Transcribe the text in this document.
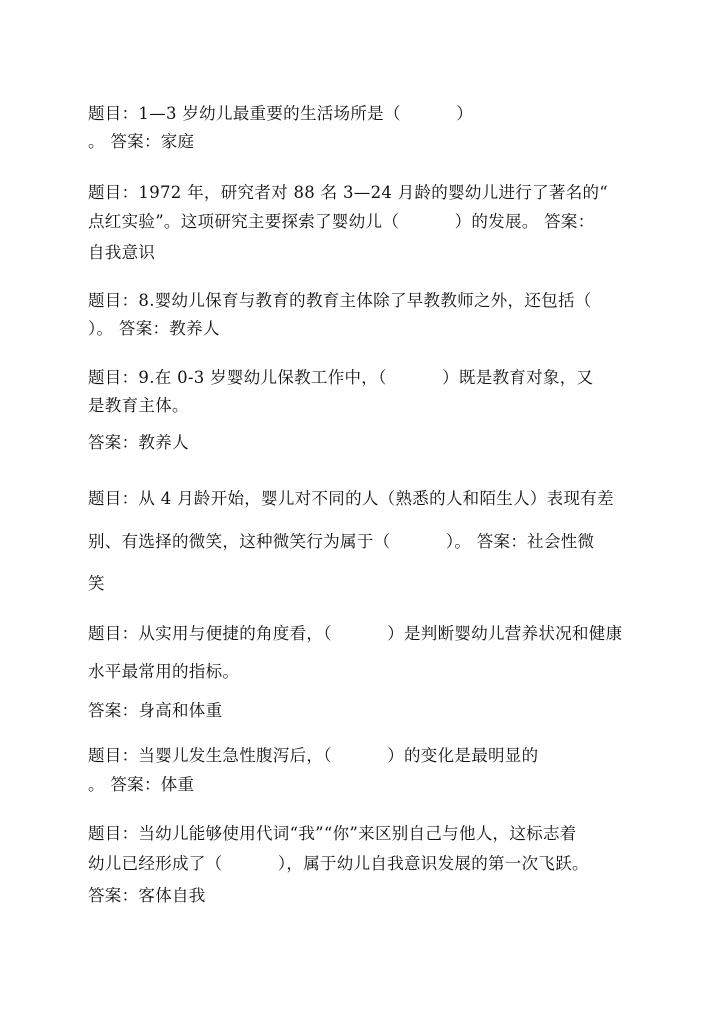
题目：1—3 岁幼儿最重要的生活场所是（          ）
。 答案：家庭
题目：1972 年，研究者对 88 名 3—24 月龄的婴幼儿进行了著名的“
点红实验”。这项研究主要探索了婴幼儿（          ）的发展。 答案：
自我意识
题目：8.婴幼儿保育与教育的教育主体除了早教教师之外，还包括（
）。 答案：教养人
题目：9.在 0-3 岁婴幼儿保教工作中，（          ）既是教育对象，又
是教育主体。
答案：教养人
题目：从 4 月龄开始，婴儿对不同的人（熟悉的人和陌生人）表现有差
别、有选择的微笑，这种微笑行为属于（          ）。 答案：社会性微
笑
题目：从实用与便捷的角度看，（          ）是判断婴幼儿营养状况和健康
水平最常用的指标。
答案：身高和体重
题目：当婴儿发生急性腹泻后，（          ）的变化是最明显的
。 答案：体重
题目：当幼儿能够使用代词“我”“你”来区别自己与他人，这标志着
幼儿已经形成了（          ），属于幼儿自我意识发展的第一次飞跃。
答案：客体自我
